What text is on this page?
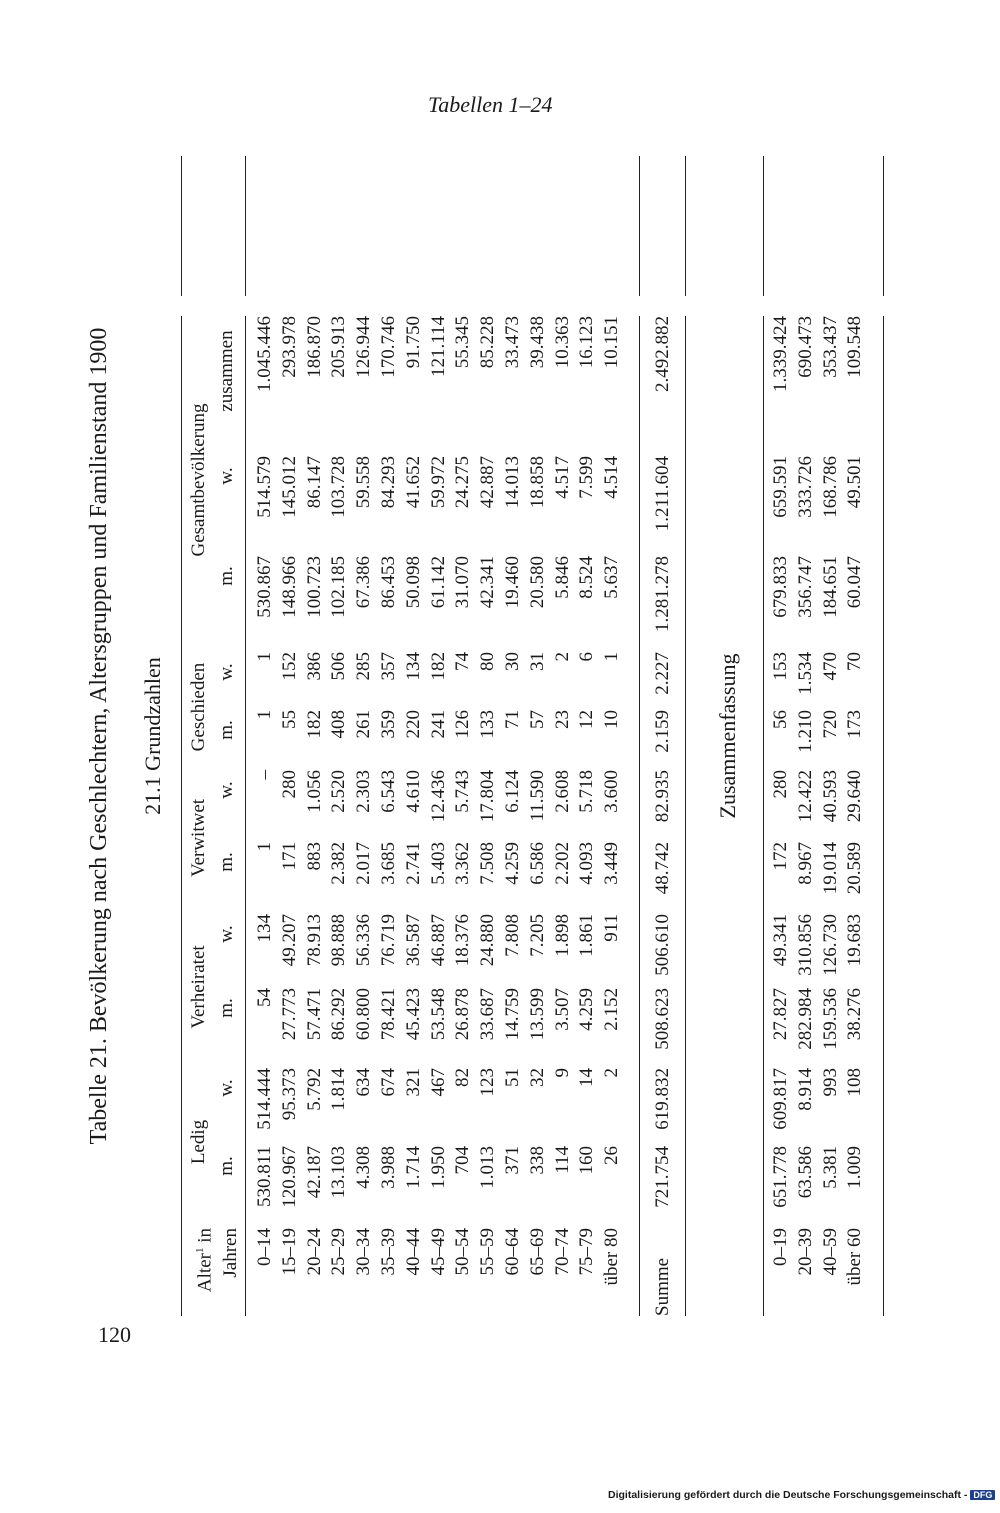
120
Tabellen 1–24
Tabelle 21. Bevölkerung nach Geschlechtern, Altersgruppen und Familienstand 1900 21.1 Grundzahlen
Alter$^1$ in Jahren
Ledig
Verheiratet
Verwitwet
Geschieden
Gesamtbevölkerung
m.
w.
m.
w.
m.
w.
m.
w.
m.
w.
zusammen
0–14
530.811
514.444
54
134
1
–
1
1
530.867
514.579
1.045.446
15–19
120.967
95.373
27.773
49.207
171
280
55
152
148.966
145.012
293.978
20–24
42.187
5.792
57.471
78.913
883
1.056
182
386
100.723
86.147
186.870
25–29
13.103
1.814
86.292
98.888
2.382
2.520
408
506
102.185
103.728
205.913
30–34
4.308
634
60.800
56.336
2.017
2.303
261
285
67.386
59.558
126.944
35–39
3.988
674
78.421
76.719
3.685
6.543
359
357
86.453
84.293
170.746
40–44
1.714
321
45.423
36.587
2.741
4.610
220
134
50.098
41.652
91.750
45–49
1.950
467
53.548
46.887
5.403
12.436
241
182
61.142
59.972
121.114
50–54
704
82
26.878
18.376
3.362
5.743
126
74
31.070
24.275
55.345
55–59
1.013
123
33.687
24.880
7.508
17.804
133
80
42.341
42.887
85.228
60–64
371
51
14.759
7.808
4.259
6.124
71
30
19.460
14.013
33.473
65–69
338
32
13.599
7.205
6.586
11.590
57
31
20.580
18.858
39.438
70–74
114
9
3.507
1.898
2.202
2.608
23
2
5.846
4.517
10.363
75–79
160
14
4.259
1.861
4.093
5.718
12
6
8.524
7.599
16.123
über 80
26
2
2.152
911
3.449
3.600
10
1
5.637
4.514
10.151
Summe
721.754
619.832
508.623
506.610
48.742
82.935
2.159
2.227
1.281.278
1.211.604
2.492.882
Zusammenfassung
0–19
651.778
609.817
27.827
49.341
172
280
56
153
679.833
659.591
1.339.424
20–39
63.586
8.914
282.984
310.856
8.967
12.422
1.210
1.534
356.747
333.726
690.473
40–59
5.381
993
159.536
126.730
19.014
40.593
720
470
184.651
168.786
353.437
über 60
1.009
108
38.276
19.683
20.589
29.640
173
70
60.047
49.501
109.548
Digitalisierung gefördert durch die Deutsche Forschungsgemeinschaft - DFG
